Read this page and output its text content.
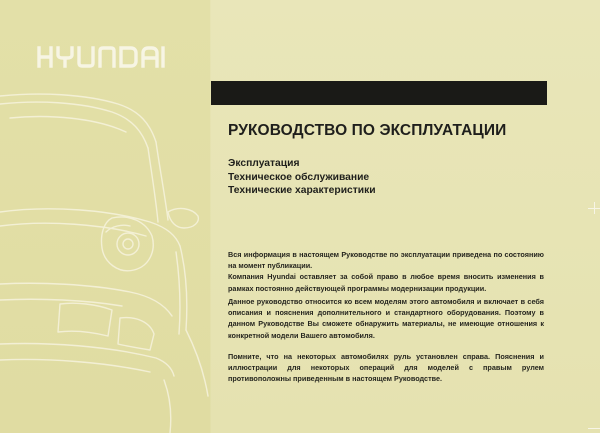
РУКОВОДСТВО ПО ЭКСПЛУАТАЦИИ
Эксплуатация
Техническое обслуживание
Технические характеристики

Вся информация в настоящем Руководстве по эксплуатации приведена по состоянию на момент публикации.
Компания Hyundai оставляет за собой право в любое время вносить изменения в рамках постоянно действующей программы модернизации продукции.

Данное руководство относится ко всем моделям этого автомобиля и включает в себя описания и пояснения дополнительного и стандартного оборудования. Поэтому в данном Руководстве Вы сможете обнаружить материалы, не имеющие отношения к конкретной модели Вашего автомобиля.

Помните, что на некоторых автомобилях руль установлен справа. Пояснения и иллюстрации для некоторых операций для моделей с правым рулем противоположны приведенным в настоящем Руководстве.
